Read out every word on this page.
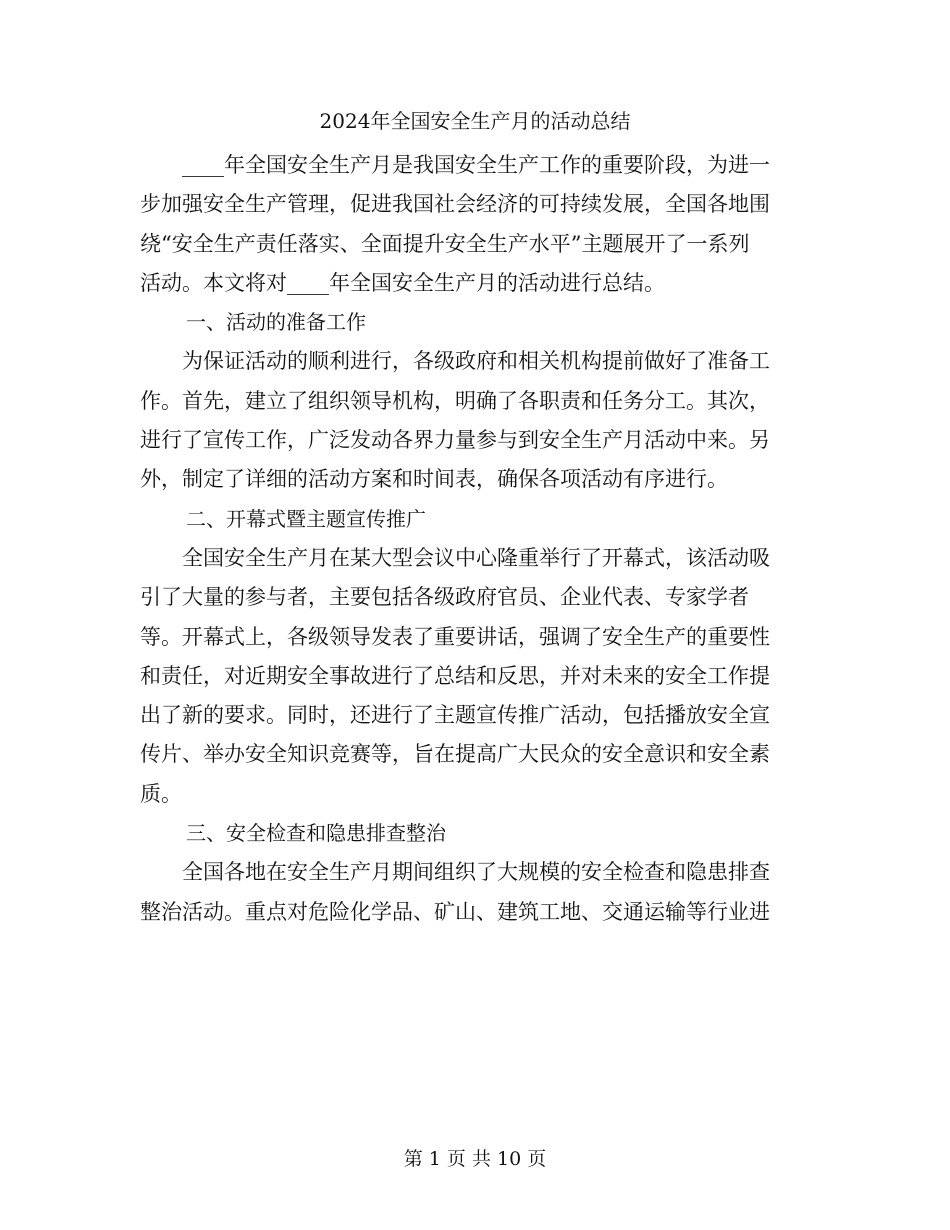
2024年全国安全生产月的活动总结

____年全国安全生产月是我国安全生产工作的重要阶段，为进一
步加强安全生产管理，促进我国社会经济的可持续发展，全国各地围
绕“安全生产责任落实、全面提升安全生产水平”主题展开了一系列
活动。本文将对____年全国安全生产月的活动进行总结。

一、活动的准备工作

为保证活动的顺利进行，各级政府和相关机构提前做好了准备工
作。首先，建立了组织领导机构，明确了各职责和任务分工。其次，
进行了宣传工作，广泛发动各界力量参与到安全生产月活动中来。另
外，制定了详细的活动方案和时间表，确保各项活动有序进行。

二、开幕式暨主题宣传推广

全国安全生产月在某大型会议中心隆重举行了开幕式，该活动吸
引了大量的参与者，主要包括各级政府官员、企业代表、专家学者
等。开幕式上，各级领导发表了重要讲话，强调了安全生产的重要性
和责任，对近期安全事故进行了总结和反思，并对未来的安全工作提
出了新的要求。同时，还进行了主题宣传推广活动，包括播放安全宣
传片、举办安全知识竞赛等，旨在提高广大民众的安全意识和安全素
质。

三、安全检查和隐患排查整治

全国各地在安全生产月期间组织了大规模的安全检查和隐患排查
整治活动。重点对危险化学品、矿山、建筑工地、交通运输等行业进

第 1 页 共 10 页
